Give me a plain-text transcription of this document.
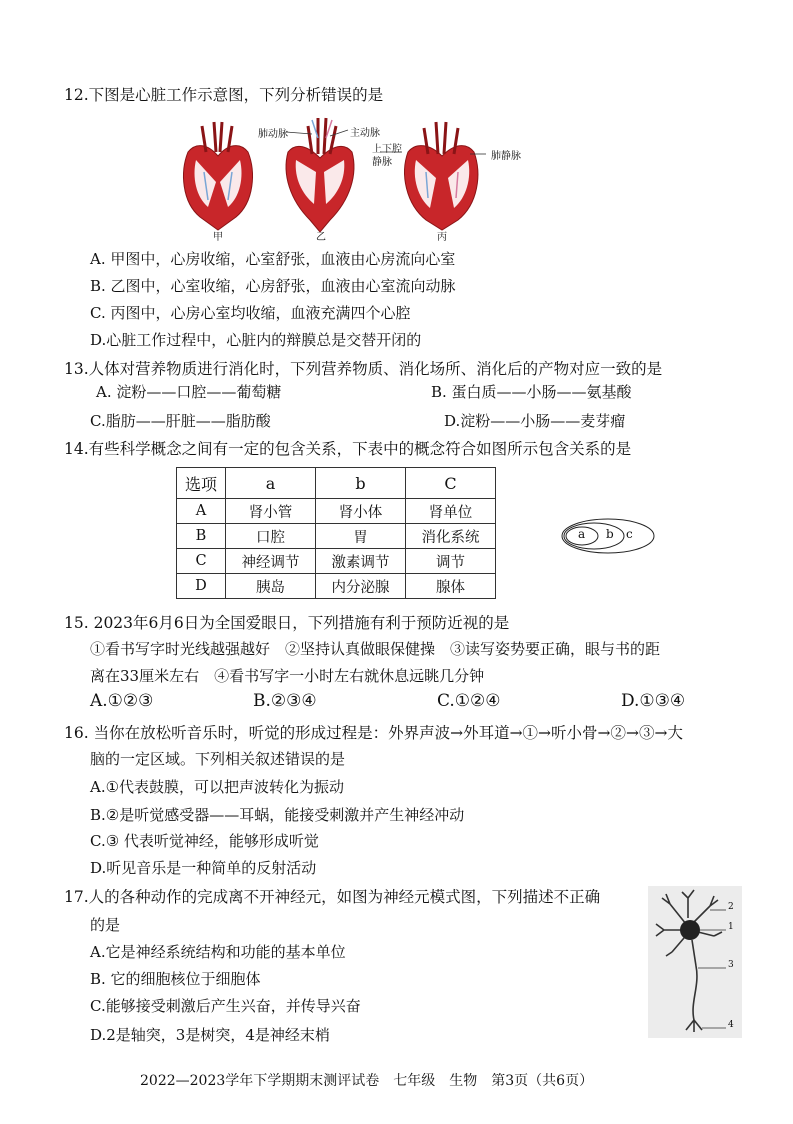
12.下图是心脏工作示意图，下列分析错误的是
肺动脉	主动脉
上下腔
静脉
肺静脉
甲	乙	丙
A. 甲图中，心房收缩，心室舒张，血液由心房流向心室
B. 乙图中，心室收缩，心房舒张，血液由心室流向动脉
C. 丙图中，心房心室均收缩，血液充满四个心腔
D.心脏工作过程中，心脏内的辩膜总是交替开闭的
13.人体对营养物质进行消化时，下列营养物质、消化场所、消化后的产物对应一致的是
A. 淀粉——口腔——葡萄糖	B. 蛋白质——小肠——氨基酸
C.脂肪——肝脏——脂肪酸	D.淀粉——小肠——麦芽瘤
14.有些科学概念之间有一定的包含关系，下表中的概念符合如图所示包含关系的是
选项	a	b	C
A	肾小管	肾小体	肾单位
B	口腔	胃	消化系统
C	神经调节	激素调节	调节
D	胰岛	内分泌腺	腺体
a b c
15. 2023年6月6日为全国爱眼日，下列措施有利于预防近视的是
①看书写字时光线越强越好　②坚持认真做眼保健操　③读写姿势要正确，眼与书的距
离在33厘米左右　④看书写字一小时左右就休息远眺几分钟
A.①②③	B.②③④	C.①②④	D.①③④
16. 当你在放松听音乐时，听觉的形成过程是：外界声波→外耳道→①→听小骨→②→③→大
脑的一定区域。下列相关叙述错误的是
A.①代表鼓膜，可以把声波转化为振动
B.②是听觉感受器——耳蜗，能接受刺激并产生神经冲动
C.③ 代表听觉神经，能够形成听觉
D.听见音乐是一种简单的反射活动
17.人的各种动作的完成离不开神经元，如图为神经元模式图，下列描述不正确
的是
A.它是神经系统结构和功能的基本单位
B. 它的细胞核位于细胞体
C.能够接受刺激后产生兴奋，并传导兴奋
D.2是轴突，3是树突，4是神经末梢
2
1
3
4
2022—2023学年下学期期末测评试卷　七年级　生物　第3页（共6页）
